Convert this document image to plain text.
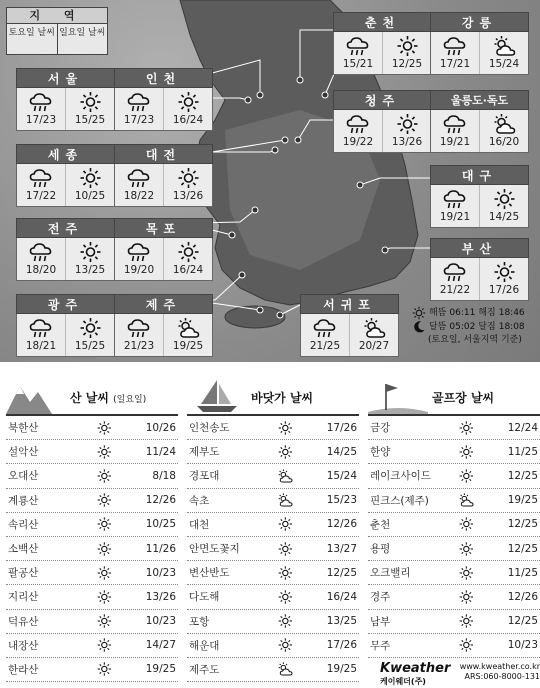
지 역
토요일 날씨 일요일 날씨
서울
17/23 15/25
인천
17/23 16/24
세종
17/22 10/25
대전
18/22 13/26
전주
18/20 13/25
목포
19/20 16/24
광주
18/21 15/25
제주
21/23 19/25
서귀포
21/25 20/27
춘천
15/21 12/25
강릉
17/21 15/24
청주
19/22 13/26
울릉도·독도
19/21 16/20
대구
19/21 14/25
부산
21/22 17/26
해뜸 06:11 해짐 18:46
달뜸 05:02 달짐 18:08
(토요일, 서울지역 기준)
산 날씨 (일요일)
북한산	10/26
설악산	11/24
오대산	8/18
계룡산	12/26
속리산	10/25
소백산	11/26
팔공산	10/23
지리산	13/26
덕유산	10/23
내장산	14/27
한라산	19/25
바닷가 날씨
인천송도	17/26
제부도	14/25
경포대	15/24
속초	15/23
대천	12/26
안면도꽃지	13/27
변산반도	12/25
다도해	16/24
포항	13/25
해운대	17/26
제주도	19/25
골프장 날씨
금강	12/24
한양	11/25
레이크사이드	12/25
핀크스(제주)	19/25
춘천	12/25
용평	12/25
오크밸리	11/25
경주	12/26
남부	12/25
무주	10/23
Kweather
케이웨더(주)
www.kweather.co.kr
ARS:060-8000-131
